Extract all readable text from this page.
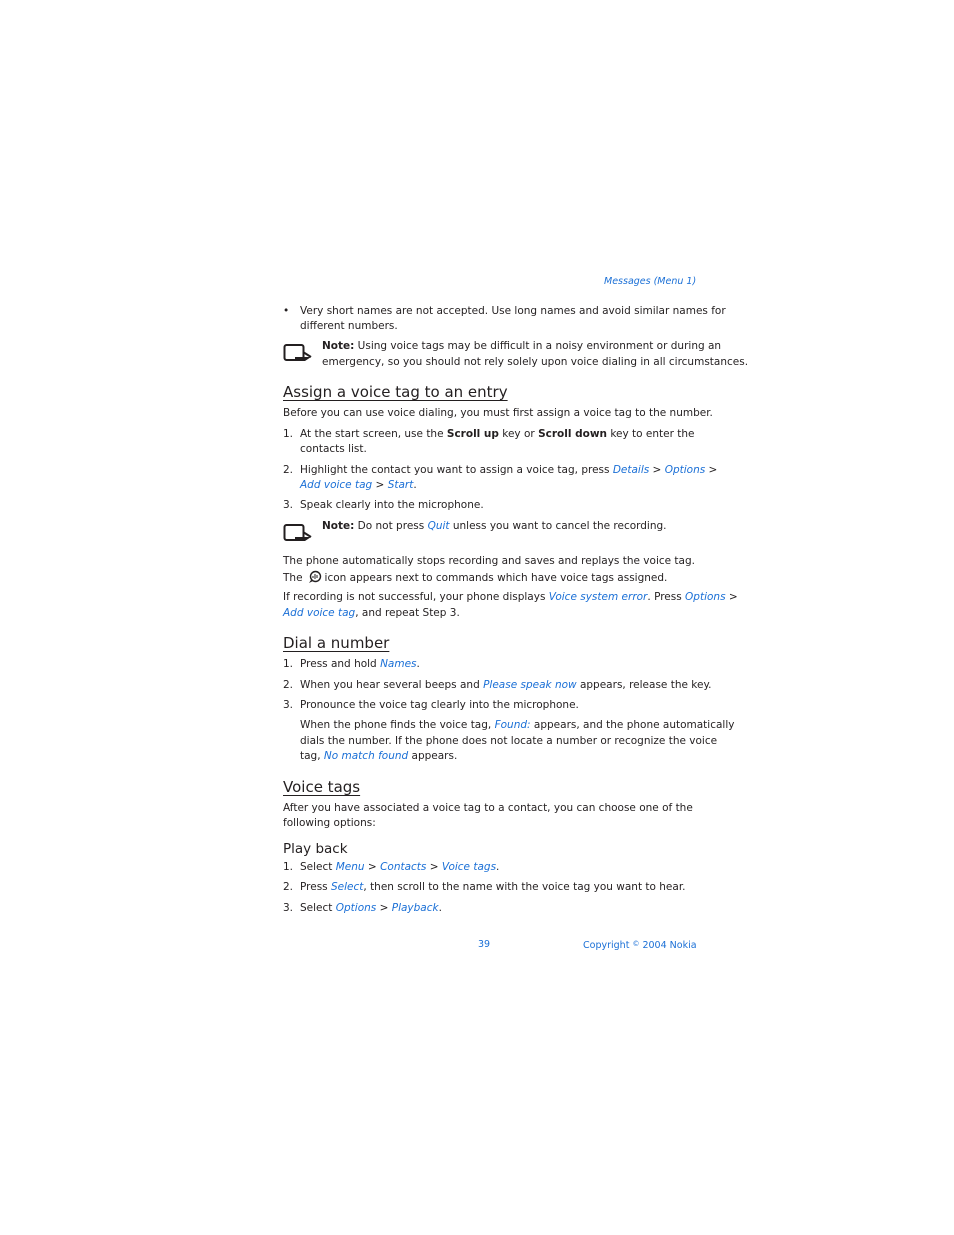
Messages (Menu 1)
• Very short names are not accepted. Use long names and avoid similar names for
different numbers.
Note: Using voice tags may be difficult in a noisy environment or during an
emergency, so you should not rely solely upon voice dialing in all circumstances.
Assign a voice tag to an entry
Before you can use voice dialing, you must first assign a voice tag to the number.
1. At the start screen, use the Scroll up key or Scroll down key to enter the
contacts list.
2. Highlight the contact you want to assign a voice tag, press Details > Options >
Add voice tag > Start.
3. Speak clearly into the microphone.
Note: Do not press Quit unless you want to cancel the recording.
The phone automatically stops recording and saves and replays the voice tag.
The icon appears next to commands which have voice tags assigned.
If recording is not successful, your phone displays Voice system error. Press Options >
Add voice tag, and repeat Step 3.
Dial a number
1. Press and hold Names.
2. When you hear several beeps and Please speak now appears, release the key.
3. Pronounce the voice tag clearly into the microphone.
When the phone finds the voice tag, Found: appears, and the phone automatically
dials the number. If the phone does not locate a number or recognize the voice
tag, No match found appears.
Voice tags
After you have associated a voice tag to a contact, you can choose one of the
following options:
Play back
1. Select Menu > Contacts > Voice tags.
2. Press Select, then scroll to the name with the voice tag you want to hear.
3. Select Options > Playback.
39	Copyright © 2004 Nokia
